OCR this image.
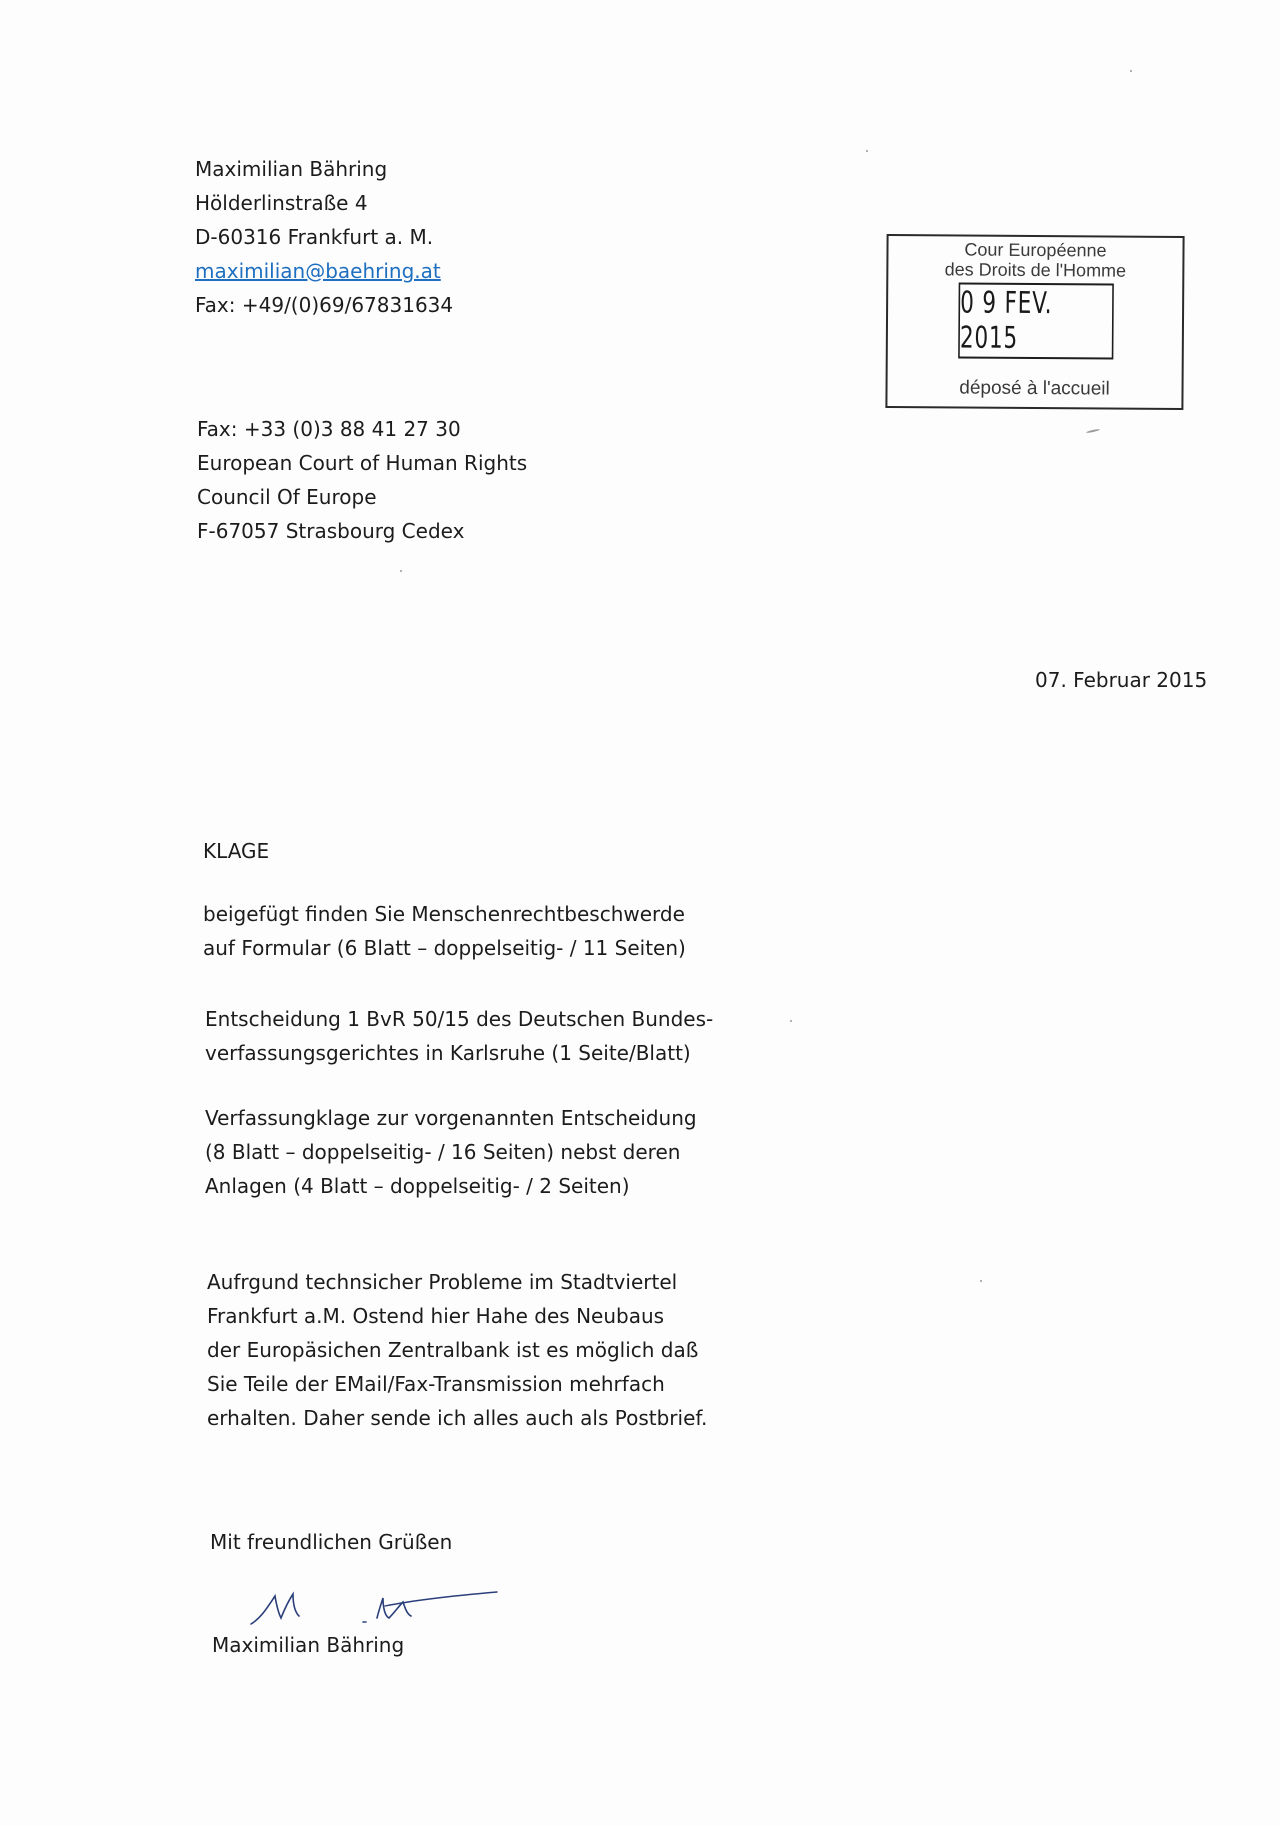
Maximilian Bähring
Hölderlinstraße 4
D-60316 Frankfurt a. M.
maximilian@baehring.at
Fax: +49/(0)69/67831634
Cour Européenne
des Droits de l'Homme
0 9 FEV. 2015
déposé à l'accueil
Fax: +33 (0)3 88 41 27 30
European Court of Human Rights
Council Of Europe
F-67057 Strasbourg Cedex
07. Februar 2015
KLAGE
beigefügt finden Sie Menschenrechtbeschwerde
auf Formular (6 Blatt – doppelseitig- / 11 Seiten)
Entscheidung 1 BvR 50/15 des Deutschen Bundes-
verfassungsgerichtes in Karlsruhe (1 Seite/Blatt)
Verfassungklage zur vorgenannten Entscheidung
(8 Blatt – doppelseitig- / 16 Seiten) nebst deren
Anlagen (4 Blatt – doppelseitig- / 2 Seiten)
Aufrgund technsicher Probleme im Stadtviertel
Frankfurt a.M. Ostend hier Hahe des Neubaus
der Europäsichen Zentralbank ist es möglich daß
Sie Teile der EMail/Fax-Transmission mehrfach
erhalten. Daher sende ich alles auch als Postbrief.
Mit freundlichen Grüßen
Maximilian Bähring
